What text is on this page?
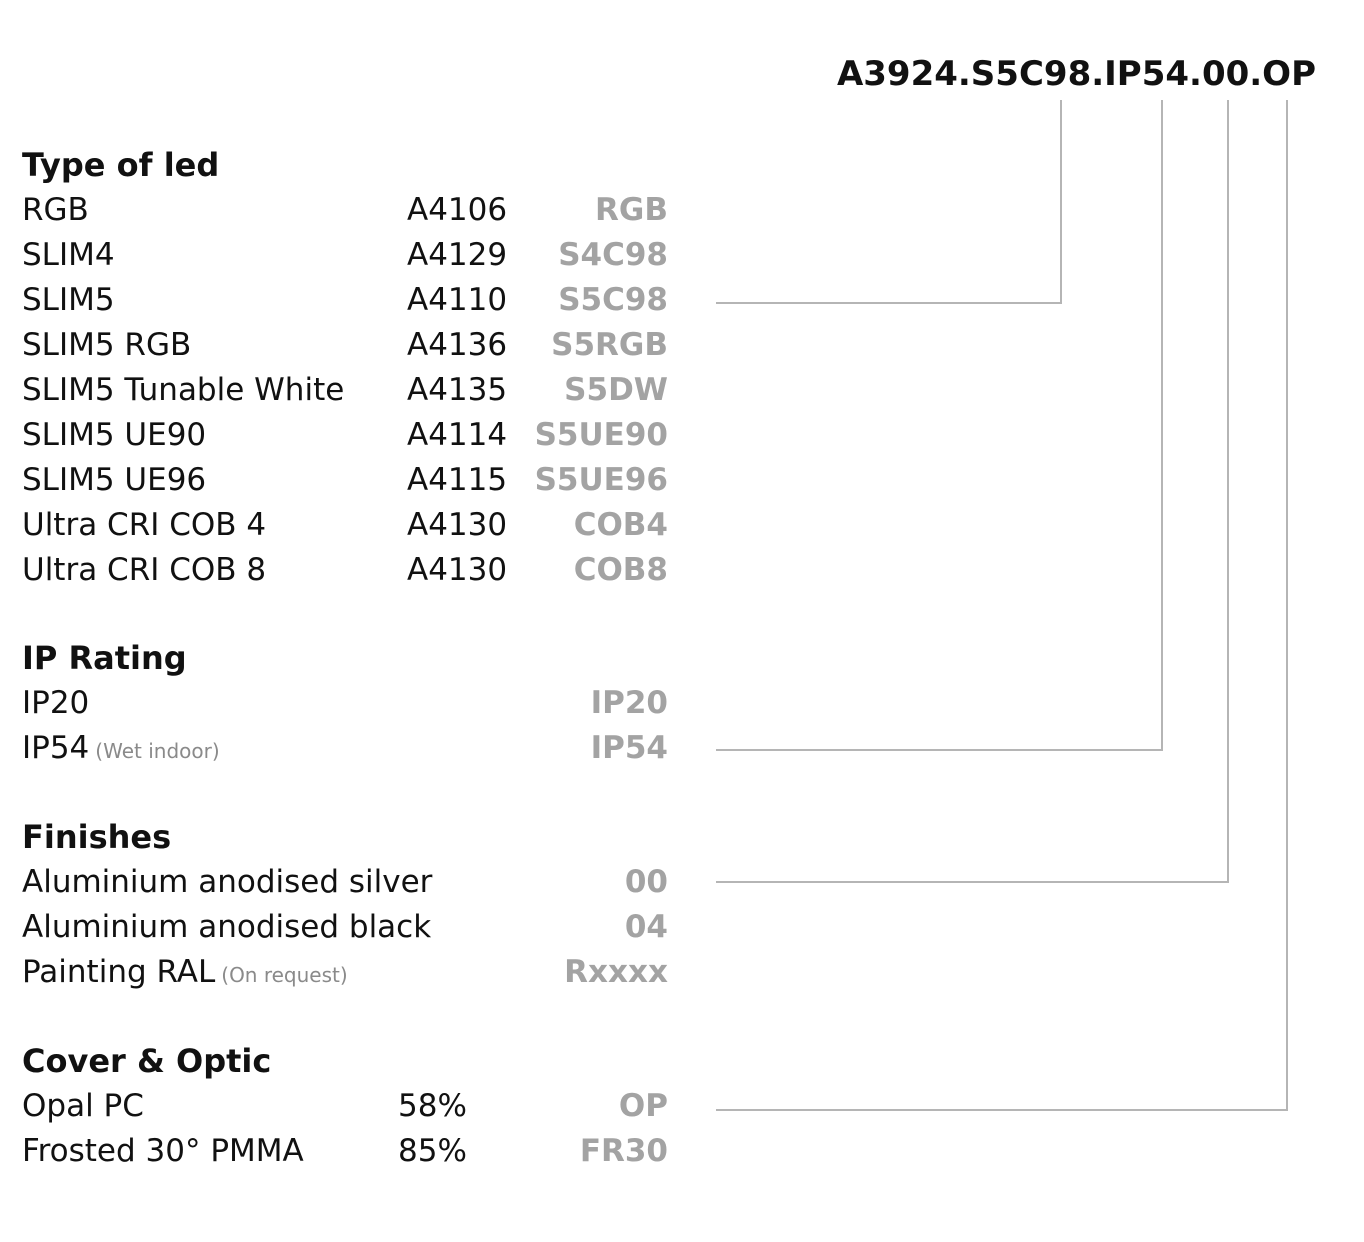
A3924.S5C98.IP54.00.OP
Type of led
RGB	A4106	RGB
SLIM4	A4129 S4C98
SLIM5	A4110 S5C98
SLIM5 RGB	A4136 S5RGB
SLIM5 Tunable White A4135 S5DW
SLIM5 UE90	A4114 S5UE90
SLIM5 UE96	A4115 S5UE96
Ultra CRI COB 4	A4130 COB4
Ultra CRI COB 8	A4130 COB8
IP Rating
IP20	IP20
IP54 (Wet indoor)	IP54
Finishes
Aluminium anodised silver	00
Aluminium anodised black	04
Painting RAL (On request)	Rxxxx
Cover & Optic
Opal PC	58%	OP
Frosted 30° PMMA	85%	FR30
